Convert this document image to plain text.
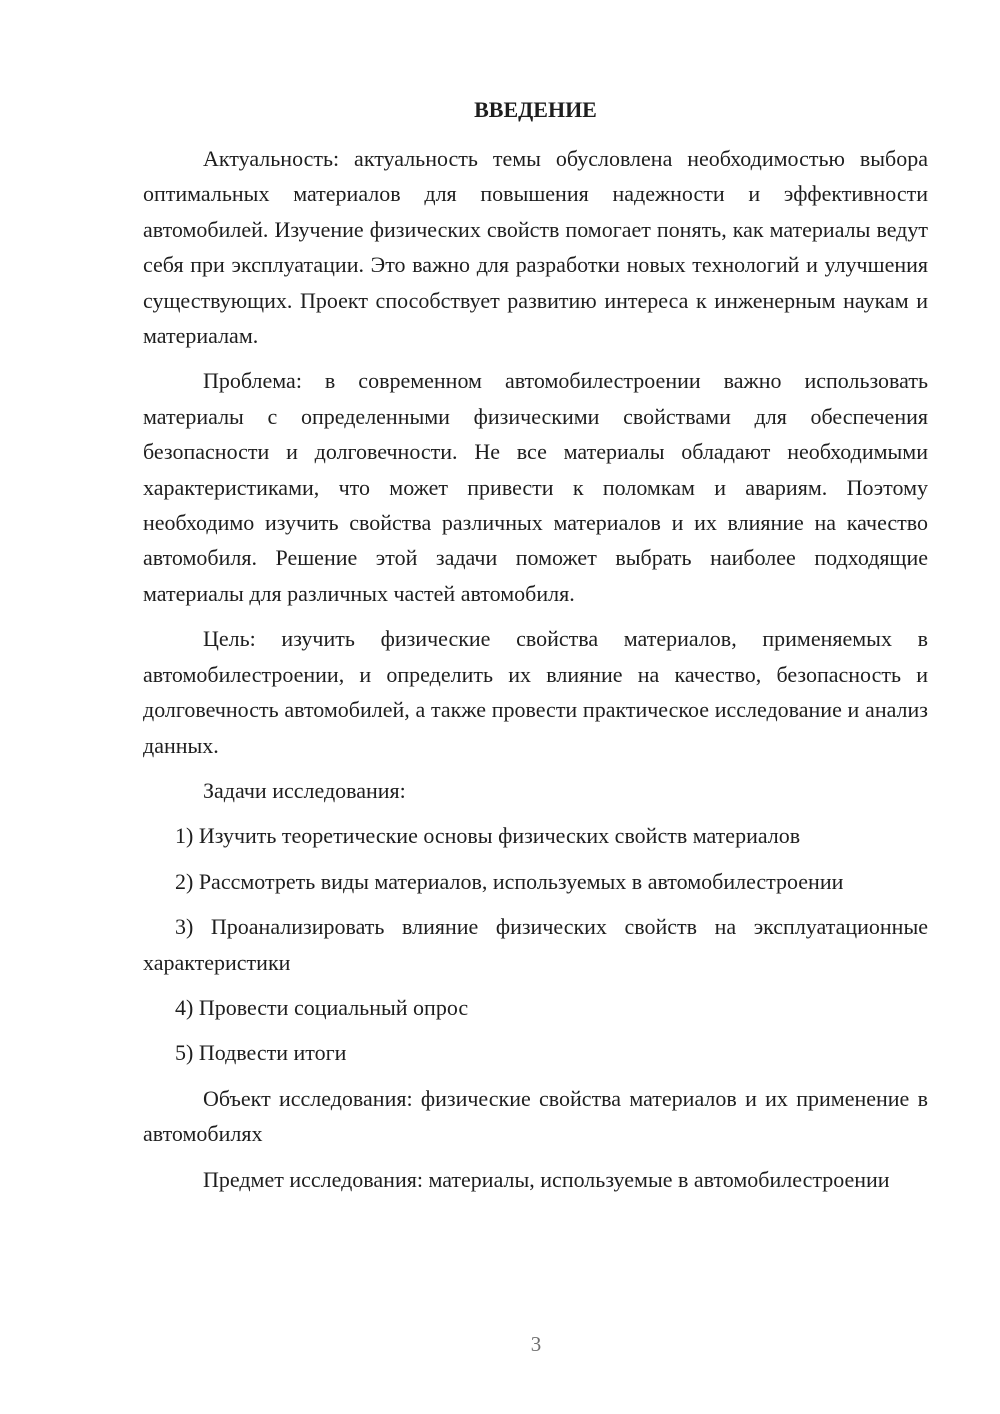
ВВЕДЕНИЕ

Актуальность: актуальность темы обусловлена необходимостью выбора оптимальных материалов для повышения надежности и эффективности автомобилей. Изучение физических свойств помогает понять, как материалы ведут себя при эксплуатации. Это важно для разработки новых технологий и улучшения существующих. Проект способствует развитию интереса к инженерным наукам и материалам.

Проблема: в современном автомобилестроении важно использовать материалы с определенными физическими свойствами для обеспечения безопасности и долговечности. Не все материалы обладают необходимыми характеристиками, что может привести к поломкам и авариям. Поэтому необходимо изучить свойства различных материалов и их влияние на качество автомобиля. Решение этой задачи поможет выбрать наиболее подходящие материалы для различных частей автомобиля.

Цель: изучить физические свойства материалов, применяемых в автомобилестроении, и определить их влияние на качество, безопасность и долговечность автомобилей, а также провести практическое исследование и анализ данных.

Задачи исследования:

1) Изучить теоретические основы физических свойств материалов

2) Рассмотреть виды материалов, используемых в автомобилестроении

3) Проанализировать влияние физических свойств на эксплуатационные характеристики

4) Провести социальный опрос

5) Подвести итоги

Объект исследования: физические свойства материалов и их применение в автомобилях

Предмет исследования: материалы, используемые в автомобилестроении

3
